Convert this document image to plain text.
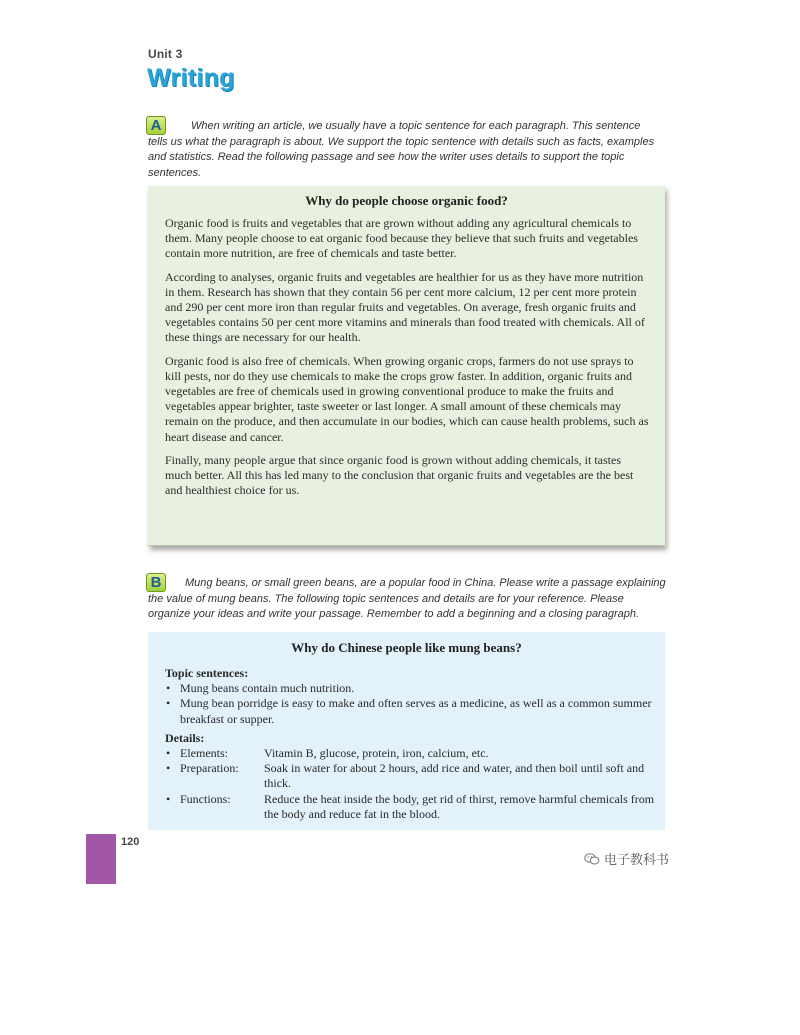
Unit 3
Writing
A	When writing an article, we usually have a topic sentence for each paragraph. This sentence tells us what the paragraph is about. We support the topic sentence with details such as facts, examples and statistics. Read the following passage and see how the writer uses details to support the topic sentences.
Why do people choose organic food?

Organic food is fruits and vegetables that are grown without adding any agricultural chemicals to them. Many people choose to eat organic food because they believe that such fruits and vegetables contain more nutrition, are free of chemicals and taste better.

According to analyses, organic fruits and vegetables are healthier for us as they have more nutrition in them. Research has shown that they contain 56 per cent more calcium, 12 per cent more protein and 290 per cent more iron than regular fruits and vegetables. On average, fresh organic fruits and vegetables contains 50 per cent more vitamins and minerals than food treated with chemicals. All of these things are necessary for our health.

Organic food is also free of chemicals. When growing organic crops, farmers do not use sprays to kill pests, nor do they use chemicals to make the crops grow faster. In addition, organic fruits and vegetables are free of chemicals used in growing conventional produce to make the fruits and vegetables appear brighter, taste sweeter or last longer. A small amount of these chemicals may remain on the produce, and then accumulate in our bodies, which can cause health problems, such as heart disease and cancer.

Finally, many people argue that since organic food is grown without adding chemicals, it tastes much better. All this has led many to the conclusion that organic fruits and vegetables are the best and healthiest choice for us.

B	Mung beans, or small green beans, are a popular food in China. Please write a passage explaining the value of mung beans. The following topic sentences and details are for your reference. Please organize your ideas and write your passage. Remember to add a beginning and a closing paragraph.
Why do Chinese people like mung beans?

Topic sentences:

• Mung beans contain much nutrition.
• Mung bean porridge is easy to make and often serves as a medicine, as well as a common summer breakfast or supper.

Details:

• Elements:	Vitamin B, glucose, protein, iron, calcium, etc.
• Preparation:	Soak in water for about 2 hours, add rice and water, and then boil until soft and thick.
• Functions:	Reduce the heat inside the body, get rid of thirst, remove harmful chemicals from the body and reduce fat in the blood.
120
电子教科书
